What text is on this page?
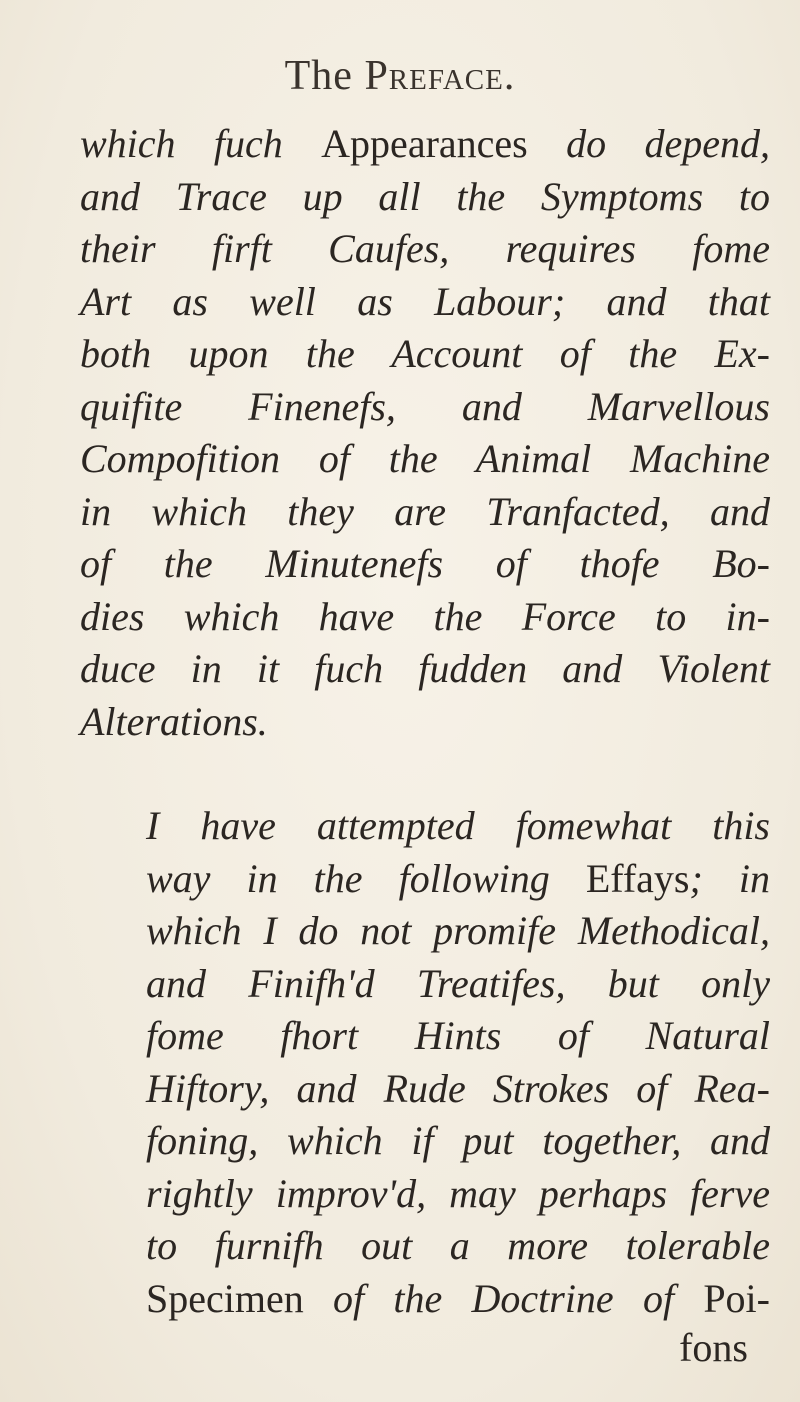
The Preface.

which fuch Appearances do depend,
and Trace up all the Symptoms to
their firft Caufes, requires fome
Art as well as Labour; and that
both upon the Account of the Ex-
quifite Finenefs, and Marvellous
Compofition of the Animal Machine
in which they are Tranfacted, and
of the Minutenefs of thofe Bo-
dies which have the Force to in-
duce in it fuch fudden and Violent
Alterations.

I have attempted fomewhat this
way in the following Effays; in
which I do not promife Methodical,
and Finifh'd Treatifes, but only
fome fhort Hints of Natural
Hiftory, and Rude Strokes of Rea-
foning, which if put together, and
rightly improv'd, may perhaps ferve
to furnifh out a more tolerable
Specimen of the Doctrine of Poi-

fons
